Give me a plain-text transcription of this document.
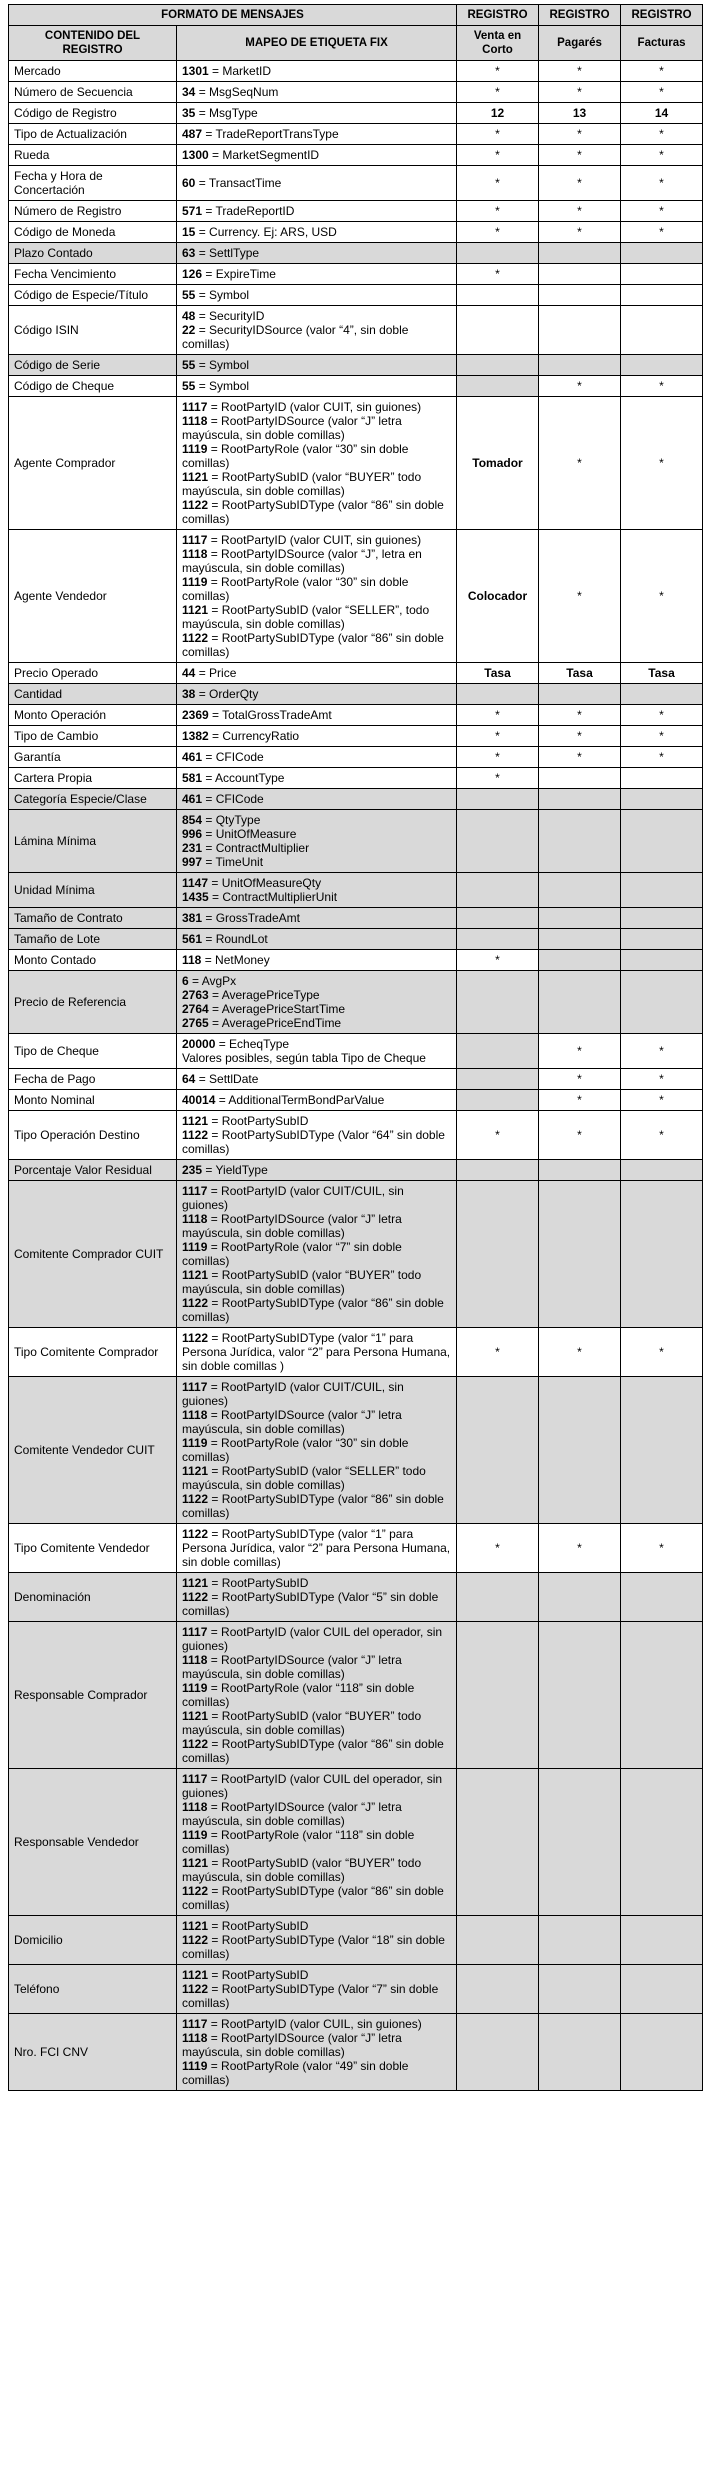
FORMATO DE MENSAJES		REGISTRO	REGISTRO	REGISTRO
CONTENIDO DEL REGISTRO	MAPEO DE ETIQUETA FIX	Venta en Corto	Pagarés	Facturas
Mercado	1301 = MarketID	*	*	*
Número de Secuencia	34 = MsgSeqNum	*	*	*
Código de Registro	35 = MsgType	12	13	14
Tipo de Actualización	487 = TradeReportTransType	*	*	*
Rueda	1300 = MarketSegmentID	*	*	*
Fecha y Hora de Concertación	60 = TransactTime	*	*	*
Número de Registro	571 = TradeReportID	*	*	*
Código de Moneda	15 = Currency. Ej: ARS, USD	*	*	*
Plazo Contado	63 = SettlType			

Fecha Vencimiento	126 = ExpireTime	*		
Código de Especie/Título	55 = Symbol			

Código ISIN	48 = SecurityID
22 = SecurityIDSource (valor “4”, sin doble comillas)			

Código de Serie	55 = Symbol			

Código de Cheque	55 = Symbol		*	*
Agente Comprador	1117 = RootPartyID (valor CUIT, sin guiones)
1118 = RootPartyIDSource (valor “J” letra mayúscula, sin doble comillas)
1119 = RootPartyRole (valor “30” sin doble comillas)
1121 = RootPartySubID (valor “BUYER” todo mayúscula, sin doble comillas)
1122 = RootPartySubIDType (valor “86” sin doble comillas)	Tomador	*	*
Agente Vendedor	1117 = RootPartyID (valor CUIT, sin guiones)
1118 = RootPartyIDSource (valor “J”, letra en mayúscula, sin doble comillas)
1119 = RootPartyRole (valor “30” sin doble comillas)
1121 = RootPartySubID (valor “SELLER”, todo mayúscula, sin doble comillas)
1122 = RootPartySubIDType (valor “86” sin doble comillas)	Colocador	*	*
Precio Operado	44 = Price	Tasa	Tasa	Tasa
Cantidad	38 = OrderQty			

Monto Operación	2369 = TotalGrossTradeAmt	*	*	*
Tipo de Cambio	1382 = CurrencyRatio	*	*	*
Garantía	461 = CFICode	*	*	*
Cartera Propia	581 = AccountType	*		
Categoría Especie/Clase	461 = CFICode			

Lámina Mínima	854 = QtyType
996 = UnitOfMeasure
231 = ContractMultiplier
997 = TimeUnit			

Unidad Mínima	1147 = UnitOfMeasureQty
1435 = ContractMultiplierUnit			

Tamaño de Contrato	381 = GrossTradeAmt			

Tamaño de Lote	561 = RoundLot			

Monto Contado	118 = NetMoney	*		
Precio de Referencia	6 = AvgPx
2763 = AveragePriceType
2764 = AveragePriceStartTime
2765 = AveragePriceEndTime			

Tipo de Cheque	20000 = EcheqType
Valores posibles, según tabla Tipo de Cheque		*	*
Fecha de Pago	64 = SettlDate		*	*
Monto Nominal	40014 = AdditionalTermBondParValue		*	*
Tipo Operación Destino	1121 = RootPartySubID
1122 = RootPartySubIDType (Valor “64” sin doble comillas)	*	*	*
Porcentaje Valor Residual	235 = YieldType			

Comitente Comprador CUIT	1117 = RootPartyID (valor CUIT/CUIL, sin guiones)
1118 = RootPartyIDSource (valor “J” letra mayúscula, sin doble comillas)
1119 = RootPartyRole (valor “7” sin doble comillas)
1121 = RootPartySubID (valor “BUYER” todo mayúscula, sin doble comillas)
1122 = RootPartySubIDType (valor “86” sin doble comillas)			

Tipo Comitente Comprador	1122 = RootPartySubIDType (valor “1” para Persona Jurídica, valor “2” para Persona Humana, sin doble comillas )	*	*	*
Comitente Vendedor CUIT	1117 = RootPartyID (valor CUIT/CUIL, sin guiones)
1118 = RootPartyIDSource (valor “J” letra mayúscula, sin doble comillas)
1119 = RootPartyRole (valor “30” sin doble comillas)
1121 = RootPartySubID (valor “SELLER” todo mayúscula, sin doble comillas)
1122 = RootPartySubIDType (valor “86” sin doble comillas)			

Tipo Comitente Vendedor	1122 = RootPartySubIDType (valor “1” para Persona Jurídica, valor “2” para Persona Humana, sin doble comillas)	*	*	*
Denominación	1121 = RootPartySubID
1122 = RootPartySubIDType (Valor “5” sin doble comillas)			

Responsable Comprador	1117 = RootPartyID (valor CUIL del operador, sin guiones)
1118 = RootPartyIDSource (valor “J” letra mayúscula, sin doble comillas)
1119 = RootPartyRole (valor “118” sin doble comillas)
1121 = RootPartySubID (valor “BUYER” todo mayúscula, sin doble comillas)
1122 = RootPartySubIDType (valor “86” sin doble comillas)			

Responsable Vendedor	1117 = RootPartyID (valor CUIL del operador, sin guiones)
1118 = RootPartyIDSource (valor “J” letra mayúscula, sin doble comillas)
1119 = RootPartyRole (valor “118” sin doble comillas)
1121 = RootPartySubID (valor “BUYER” todo mayúscula, sin doble comillas)
1122 = RootPartySubIDType (valor “86” sin doble comillas)			

Domicilio	1121 = RootPartySubID
1122 = RootPartySubIDType (Valor “18” sin doble comillas)			

Teléfono	1121 = RootPartySubID
1122 = RootPartySubIDType (Valor “7” sin doble comillas)			

Nro. FCI CNV	1117 = RootPartyID (valor CUIL, sin guiones)
1118 = RootPartyIDSource (valor “J” letra mayúscula, sin doble comillas)
1119 = RootPartyRole (valor “49” sin doble comillas)			
